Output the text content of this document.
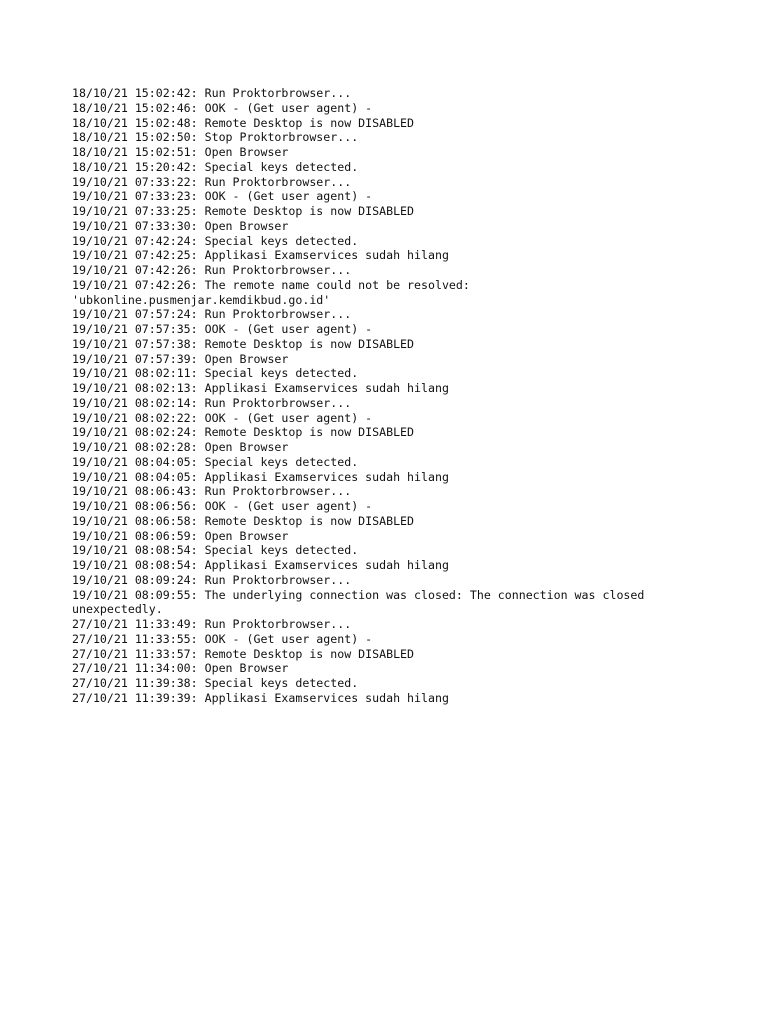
18/10/21 15:02:42: Run Proktorbrowser...
18/10/21 15:02:46: OOK - (Get user agent) -
18/10/21 15:02:48: Remote Desktop is now DISABLED
18/10/21 15:02:50: Stop Proktorbrowser...
18/10/21 15:02:51: Open Browser
18/10/21 15:20:42: Special keys detected.
19/10/21 07:33:22: Run Proktorbrowser...
19/10/21 07:33:23: OOK - (Get user agent) -
19/10/21 07:33:25: Remote Desktop is now DISABLED
19/10/21 07:33:30: Open Browser
19/10/21 07:42:24: Special keys detected.
19/10/21 07:42:25: Applikasi Examservices sudah hilang
19/10/21 07:42:26: Run Proktorbrowser...
19/10/21 07:42:26: The remote name could not be resolved:
'ubkonline.pusmenjar.kemdikbud.go.id'
19/10/21 07:57:24: Run Proktorbrowser...
19/10/21 07:57:35: OOK - (Get user agent) -
19/10/21 07:57:38: Remote Desktop is now DISABLED
19/10/21 07:57:39: Open Browser
19/10/21 08:02:11: Special keys detected.
19/10/21 08:02:13: Applikasi Examservices sudah hilang
19/10/21 08:02:14: Run Proktorbrowser...
19/10/21 08:02:22: OOK - (Get user agent) -
19/10/21 08:02:24: Remote Desktop is now DISABLED
19/10/21 08:02:28: Open Browser
19/10/21 08:04:05: Special keys detected.
19/10/21 08:04:05: Applikasi Examservices sudah hilang
19/10/21 08:06:43: Run Proktorbrowser...
19/10/21 08:06:56: OOK - (Get user agent) -
19/10/21 08:06:58: Remote Desktop is now DISABLED
19/10/21 08:06:59: Open Browser
19/10/21 08:08:54: Special keys detected.
19/10/21 08:08:54: Applikasi Examservices sudah hilang
19/10/21 08:09:24: Run Proktorbrowser...
19/10/21 08:09:55: The underlying connection was closed: The connection was closed
unexpectedly.
27/10/21 11:33:49: Run Proktorbrowser...
27/10/21 11:33:55: OOK - (Get user agent) -
27/10/21 11:33:57: Remote Desktop is now DISABLED
27/10/21 11:34:00: Open Browser
27/10/21 11:39:38: Special keys detected.
27/10/21 11:39:39: Applikasi Examservices sudah hilang
